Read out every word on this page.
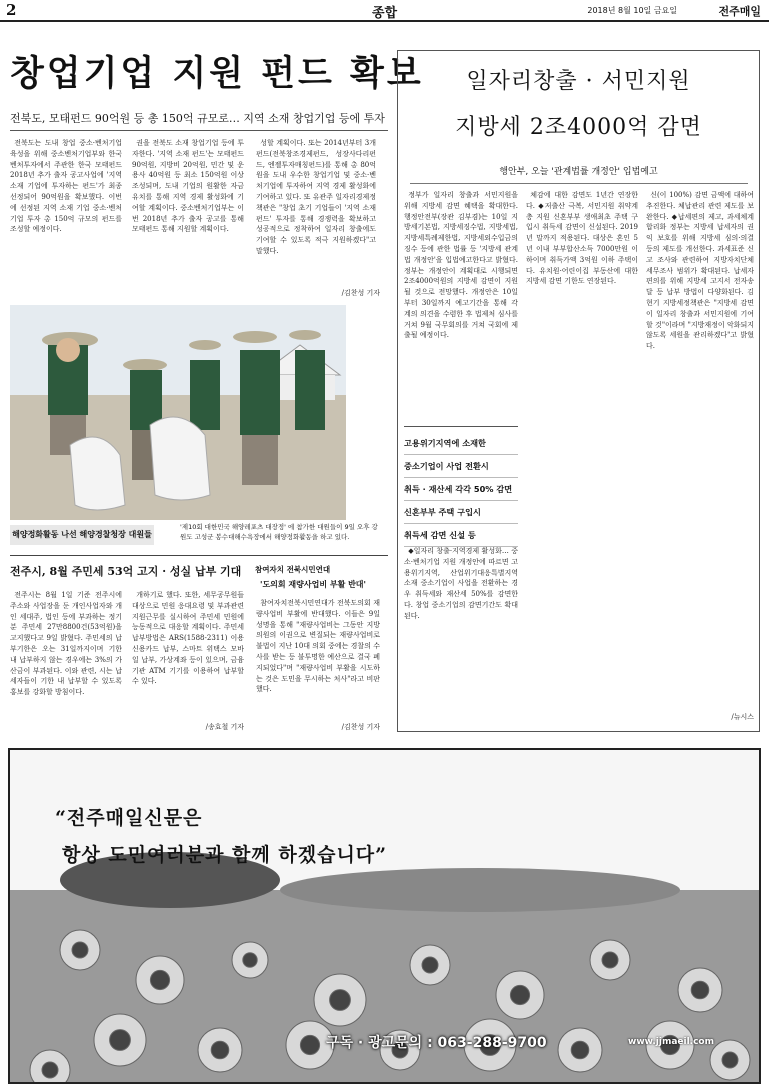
2	종합	2018년 8월 10일 금요일	전주매일
창업기업 지원 펀드 확보
전북도, 모태펀드 90억원 등 총 150억 규모로… 지역 소재 창업기업 등에 투자

전북도는 도내 창업 중소·벤처기업 육성을 위해 중소벤처기업부와 한국벤처투자에서 주관한 한국 모태펀드 2018년 추가 출자 공고사업에 '지역 소재 기업에 투자하는 펀드'가 최종 선정되어 90억원을 확보했다. 이번에 선정된 지역 소재 기업 중소·벤처기업 투자 총 150억 규모의 펀드를 조성할 예정이다.

권을 전북도 소재 창업기업 등에 투자한다. '지역 소재 펀드'는 모태펀드 90억원, 지방비 20억원, 민간 및 운용사 40억원 등 최소 150억원 이상 조성되며, 도내 기업의 원활한 자금 유치를 통해 지역 경제 활성화에 기여할 계획이다. 중소벤처기업부는 이번 2018년 추가 출자 공고를 통해 모태펀드 통해 지원할 계획이다.

성할 계획이다. 또는 2014년부터 3개 펀드(전북창조경제펀드, 성장사다리펀드, 엔젤투자매칭펀드)를 통해 총 80억원을 도내 우수한 창업기업 및 중소·벤처기업에 투자하여 지역 경제 활성화에 기여하고 있다. 또 유관주 일자리경제정책관은 "창업 초기 기업들이 '지역 소재 펀드' 투자를 통해 경쟁력을 확보하고 성공적으로 정착하여 일자리 창출에도 기여할 수 있도록 적극 지원하겠다"고 말했다.

/김찬성 기자
해양정화활동 나선 해양경찰청장 대원들
'제10회 대한민국 해양레포츠 대장정' 에 참가한 대원들이 9일 오후 강원도 고성군 봉수대해수욕장에서 해양정화활동을 하고 있다.
전주시, 8월 주민세 53억 고지 · 성실 납부 기대

전주시는 8월 1일 기준 전주시에 주소와 사업장을 둔 개인사업자와 개인 세대주, 법인 등에 부과하는 정기분 주민세 27만8800건(53억원)을 고지했다고 9일 밝혔다. 주민세의 납부기한은 오는 31일까지이며 기한 내 납부하지 않는 경우에는 3%의 가산금이 부과된다. 이와 관련, 시는 납세자들이 기한 내 납부할 수 있도록 홍보를 강화할 방침이다.

개하기로 했다. 또한, 세무공무원들 대상으로 민원 응대요령 및 부과관련 지원근무를 실시하여 주민세 민원에 능동적으로 대응할 계획이다. 주민세 납부방법은 ARS(1588-2311) 이용 신용카드 납부, 스마트 위택스 모바일 납부, 가상계좌 등이 있으며, 금융기관 ATM 기기를 이용하여 납부할 수 있다.

/송효철 기자
참여자치 전북시민연대
'도의회 재량사업비 부활 반대'

참여자치전북시민연대가 전북도의회 재량사업비 부활에 반대했다. 이들은 9일 성명을 통해 "재량사업비는 그동안 지방의원의 이권으로 변질되는 재량사업비로 불법이 지난 10대 의회 중에는 경찰의 수사를 받는 등 불투명한 예산으로 결국 폐지되었다"며 "재량사업비 부활을 시도하는 것은 도민을 무시하는 처사"라고 비판했다.

/김찬성 기자
일자리창출 · 서민지원
지방세 2조4000억 감면
행안부, 오늘 '관계법률 개정안' 입법예고

정부가 일자리 창출과 서민지원을 위해 지방세 감면 혜택을 확대한다. 행정안전부(장관 김부겸)는 10일 지방세기본법, 지방세징수법, 지방세법, 지방세특례제한법, 지방세외수입금의 징수 등에 관한 법률 등 '지방세 관계법 개정안'을 입법예고한다고 밝혔다. 정부는 개정안이 계획대로 시행되면 2조4000억원의 지방세 감면이 지원될 것으로 전망했다. 개정안은 10일부터 30일까지 예고기간을 통해 각 계의 의견을 수렴한 후 법제처 심사를 거쳐 9월 국무회의를 거쳐 국회에 제출될 예정이다.

고용위기지역에 소재한
중소기업이 사업 전환시
취득 · 재산세 각각 50% 감면
신혼부부 주택 구입시
취득세 감면 신설 등

◆일자리 창출·지역경제 활성화… 중소·벤처기업 지원 개정안에 따르면 고용위기지역, 산업위기대응특별지역 소재 중소기업이 사업을 전환하는 경우 취득세와 재산세 50%를 감면한다. 창업 중소기업의 감면기간도 확대된다.

체감에 대한 감면도 1년간 연장한다. ◆저출산 극복, 서민지원 취약계층 지원 신혼부부 생애최초 주택 구입시 취득세 감면이 신설된다. 2019년 말까지 적용된다. 대상은 혼인 5년 이내 부부합산소득 7000만원 이하이며 취득가액 3억원 이하 주택이다. 유치원·어린이집 부동산에 대한 지방세 감면 기한도 연장된다.

신(이 100%) 감면 금액에 대하여 추진한다. 체납관리 관련 제도를 보완한다. ◆납세편의 제고, 과세체계 합리화 정부는 지방세 납세자의 권익 보호를 위해 지방세 심의·의결 등의 제도를 개선한다. 과세표준 신고 조사와 관련하여 지방자치단체 세무조사 범위가 확대된다. 납세자 편의를 위해 지방세 고지서 전자송달 등 납부 방법이 다양화된다. 김현기 지방세정책관은 "지방세 감면이 일자리 창출과 서민지원에 기여할 것"이라며 "지방재정이 악화되지 않도록 세원을 관리하겠다"고 밝혔다.

/뉴시스
“전주매일신문은
항상 도민여러분과 함께 하겠습니다”
구독 · 광고문의 : 063-288-9700	www.jjmaeil.com
